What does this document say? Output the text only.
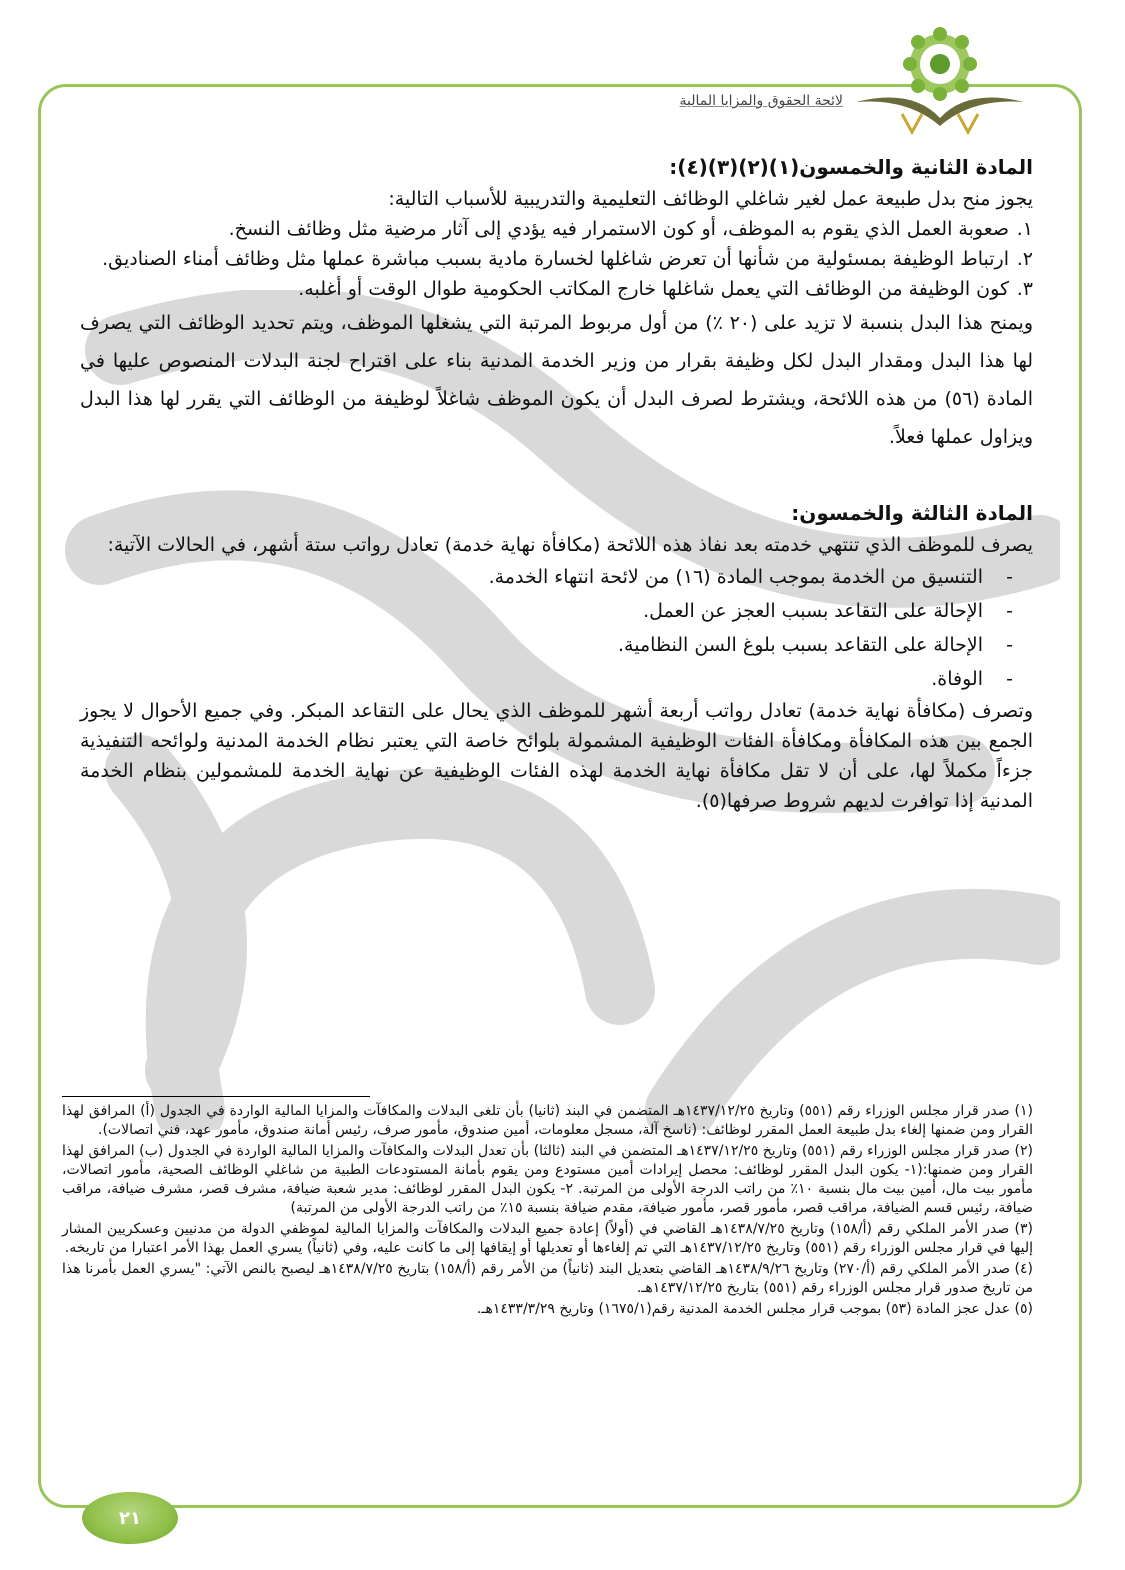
لائحة الحقوق والمزايا المالية
المادة الثانية والخمسون(١)(٢)(٣)(٤):

يجوز منح بدل طبيعة عمل لغير شاغلي الوظائف التعليمية والتدريبية للأسباب التالية:

١.
صعوبة العمل الذي يقوم به الموظف، أو كون الاستمرار فيه يؤدي إلى آثار مرضية مثل وظائف النسخ.
٢.
ارتباط الوظيفة بمسئولية من شأنها أن تعرض شاغلها لخسارة مادية بسبب مباشرة عملها مثل وظائف أمناء الصناديق.
٣.
كون الوظيفة من الوظائف التي يعمل شاغلها خارج المكاتب الحكومية طوال الوقت أو أغلبه.

ويمنح هذا البدل بنسبة لا تزيد على (٢٠ ٪) من أول مربوط المرتبة التي يشغلها الموظف، ويتم تحديد الوظائف التي يصرف لها هذا البدل ومقدار البدل لكل وظيفة بقرار من وزير الخدمة المدنية بناء على اقتراح لجنة البدلات المنصوص عليها في المادة (٥٦) من هذه اللائحة، ويشترط لصرف البدل أن يكون الموظف شاغلاً لوظيفة من الوظائف التي يقرر لها هذا البدل ويزاول عملها فعلاً.

المادة الثالثة والخمسون:

يصرف للموظف الذي تنتهي خدمته بعد نفاذ هذه اللائحة (مكافأة نهاية خدمة) تعادل رواتب ستة أشهر، في الحالات الآتية:

-
التنسيق من الخدمة بموجب المادة (١٦) من لائحة انتهاء الخدمة.
-
الإحالة على التقاعد بسبب العجز عن العمل.
-
الإحالة على التقاعد بسبب بلوغ السن النظامية.
-
الوفاة.

وتصرف (مكافأة نهاية خدمة) تعادل رواتب أربعة أشهر للموظف الذي يحال على التقاعد المبكر. وفي جميع الأحوال لا يجوز الجمع بين هذه المكافأة ومكافأة الفئات الوظيفية المشمولة بلوائح خاصة التي يعتبر نظام الخدمة المدنية ولوائحه التنفيذية جزءاً مكملاً لها، على أن لا تقل مكافأة نهاية الخدمة لهذه الفئات الوظيفية عن نهاية الخدمة للمشمولين بنظام الخدمة المدنية إذا توافرت لديهم شروط صرفها(٥).

(١) صدر قرار مجلس الوزراء رقم (٥٥١) وتاريخ ١٤٣٧/١٢/٢٥هـ المتضمن في البند (ثانيا) بأن تلغى البدلات والمكافآت والمزايا المالية الواردة في الجدول (أ) المرافق لهذا القرار ومن ضمنها إلغاء بدل طبيعة العمل المقرر لوظائف: (ناسخ آلة، مسجل معلومات، أمين صندوق، مأمور صرف، رئيس أمانة صندوق، مأمور عهد، فني اتصالات).

(٢) صدر قرار مجلس الوزراء رقم (٥٥١) وتاريخ ١٤٣٧/١٢/٢٥هـ المتضمن في البند (ثالثا) بأن تعدل البدلات والمكافآت والمزايا المالية الواردة في الجدول (ب) المرافق لهذا القرار ومن ضمنها:(١- يكون البدل المقرر لوظائف: محصل إيرادات أمين مستودع ومن يقوم بأمانة المستودعات الطبية من شاغلي الوظائف الصحية، مأمور اتصالات، مأمور بيت مال، أمين بيت مال بنسبة ١٠٪ من راتب الدرجة الأولى من المرتبة. ٢- يكون البدل المقرر لوظائف: مدير شعبة ضيافة، مشرف قصر، مشرف ضيافة، مراقب ضيافة، رئيس قسم الضيافة، مراقب قصر، مأمور قصر، مأمور ضيافة، مقدم ضيافة بنسبة ١٥٪ من راتب الدرجة الأولى من المرتبة)

(٣) صدر الأمر الملكي رقم (أ/١٥٨) وتاريخ ١٤٣٨/٧/٢٥هـ القاضي في (أولاً) إعادة جميع البدلات والمكافآت والمزايا المالية لموظفي الدولة من مدنيين وعسكريين المشار إليها في قرار مجلس الوزراء رقم (٥٥١) وتاريخ ١٤٣٧/١٢/٢٥هـ التي تم إلغاءها أو تعديلها أو إيقافها إلى ما كانت عليه، وفي (ثانياً) يسري العمل بهذا الأمر اعتبارا من تاريخه.

(٤) صدر الأمر الملكي رقم (أ/٢٧٠) وتاريخ ١٤٣٨/٩/٢٦هـ القاضي بتعديل البند (ثانياً) من الأمر رقم (أ/١٥٨) بتاريخ ١٤٣٨/٧/٢٥هـ ليصبح بالنص الآتي: "يسري العمل بأمرنا هذا من تاريخ صدور قرار مجلس الوزراء رقم (٥٥١) بتاريخ ١٤٣٧/١٢/٢٥هـ.

(٥) عدل عجز المادة (٥٣) بموجب قرار مجلس الخدمة المدنية رقم(١٦٧٥/١) وتاريخ ١٤٣٣/٣/٢٩هـ.

٢١
